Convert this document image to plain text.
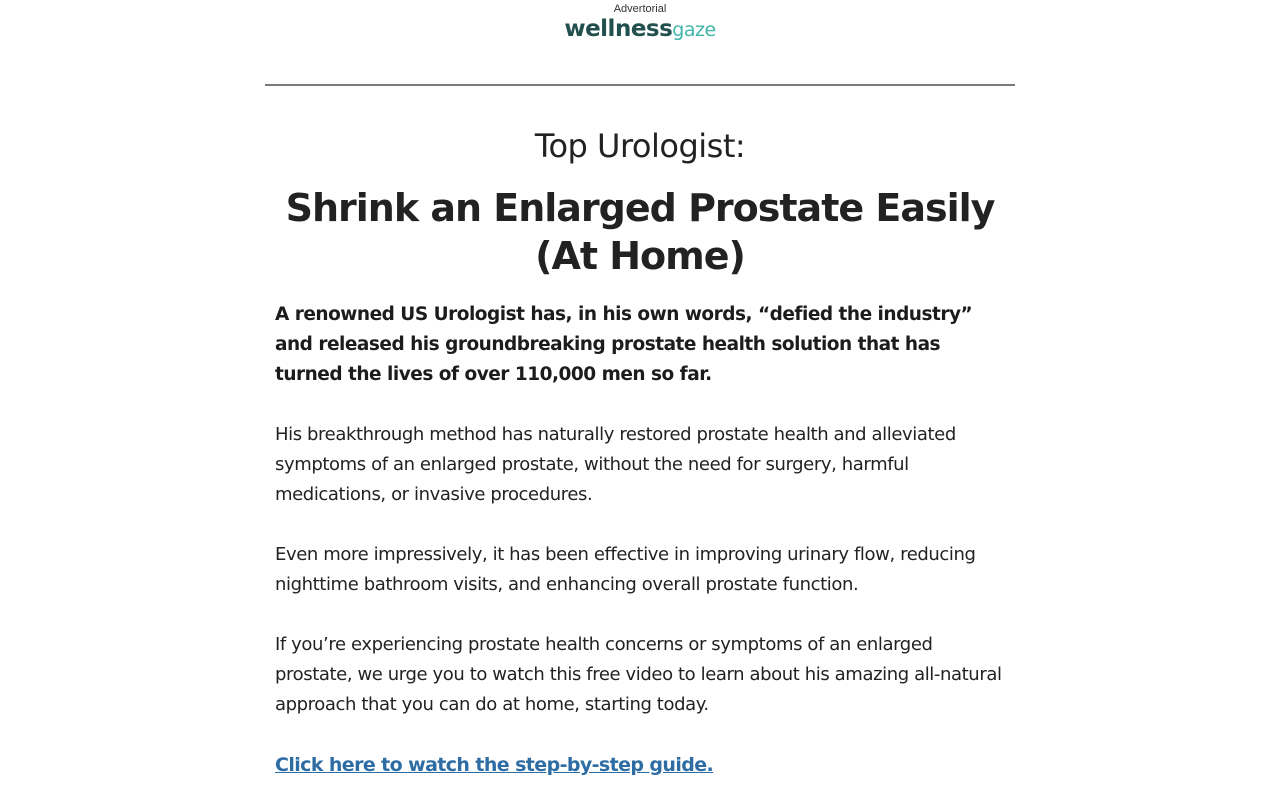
Advertorial
wellnessgaze
Top Urologist:
Shrink an Enlarged Prostate Easily (At Home)

A renowned US Urologist has, in his own words, “defied the industry” and released his groundbreaking prostate health solution that has turned the lives of over 110,000 men so far.

His breakthrough method has naturally restored prostate health and alleviated symptoms of an enlarged prostate, without the need for surgery, harmful medications, or invasive procedures.

Even more impressively, it has been effective in improving urinary flow, reducing nighttime bathroom visits, and enhancing overall prostate function.

If you’re experiencing prostate health concerns or symptoms of an enlarged prostate, we urge you to watch this free video to learn about his amazing all-natural approach that you can do at home, starting today.

Click here to watch the step-by-step guide.
